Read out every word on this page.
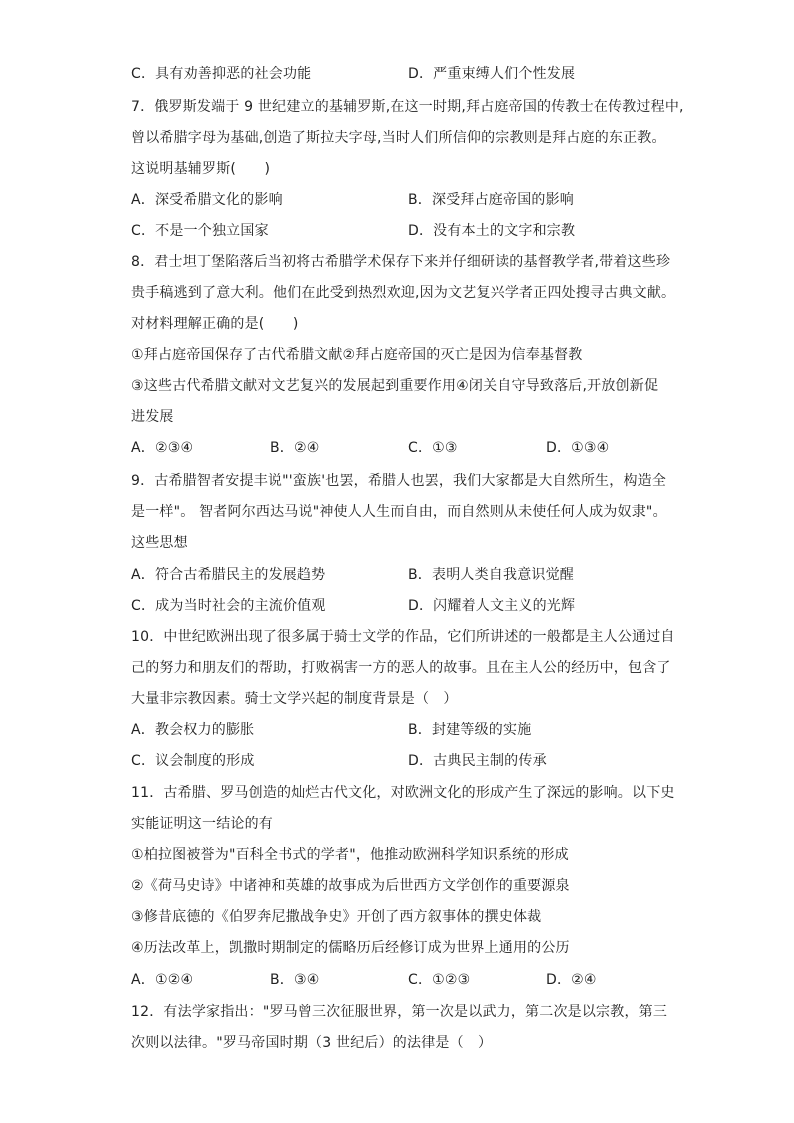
C．具有劝善抑恶的社会功能	D．严重束缚人们个性发展
7．俄罗斯发端于 9 世纪建立的基辅罗斯,在这一时期,拜占庭帝国的传教士在传教过程中,
曾以希腊字母为基础,创造了斯拉夫字母,当时人们所信仰的宗教则是拜占庭的东正教。
这说明基辅罗斯(　　)
A．深受希腊文化的影响	B．深受拜占庭帝国的影响
C．不是一个独立国家	D．没有本土的文字和宗教
8．君士坦丁堡陷落后当初将古希腊学术保存下来并仔细研读的基督教学者,带着这些珍
贵手稿逃到了意大利。他们在此受到热烈欢迎,因为文艺复兴学者正四处搜寻古典文献。
对材料理解正确的是(　　)
①拜占庭帝国保存了古代希腊文献②拜占庭帝国的灭亡是因为信奉基督教
③这些古代希腊文献对文艺复兴的发展起到重要作用④闭关自守导致落后,开放创新促
进发展
A．②③④	B．②④	C．①③	D．①③④
9．古希腊智者安提丰说"'蛮族'也罢，希腊人也罢，我们大家都是大自然所生，构造全
是一样"。 智者阿尔西达马说"神使人人生而自由，而自然则从未使任何人成为奴隶"。
这些思想
A．符合古希腊民主的发展趋势	B．表明人类自我意识觉醒
C．成为当时社会的主流价值观	D．闪耀着人文主义的光辉
10．中世纪欧洲出现了很多属于骑士文学的作品，它们所讲述的一般都是主人公通过自
己的努力和朋友们的帮助，打败祸害一方的恶人的故事。且在主人公的经历中，包含了
大量非宗教因素。骑士文学兴起的制度背景是（　）
A．教会权力的膨胀	B．封建等级的实施
C．议会制度的形成	D．古典民主制的传承
11．古希腊、罗马创造的灿烂古代文化，对欧洲文化的形成产生了深远的影响。以下史
实能证明这一结论的有
①柏拉图被誉为"百科全书式的学者"，他推动欧洲科学知识系统的形成
②《荷马史诗》中诸神和英雄的故事成为后世西方文学创作的重要源泉
③修昔底德的《伯罗奔尼撒战争史》开创了西方叙事体的撰史体裁
④历法改革上，凯撒时期制定的儒略历后经修订成为世界上通用的公历
A．①②④	B．③④	C．①②③	D．②④
12．有法学家指出："罗马曾三次征服世界，第一次是以武力，第二次是以宗教，第三
次则以法律。"罗马帝国时期（3 世纪后）的法律是（　）
